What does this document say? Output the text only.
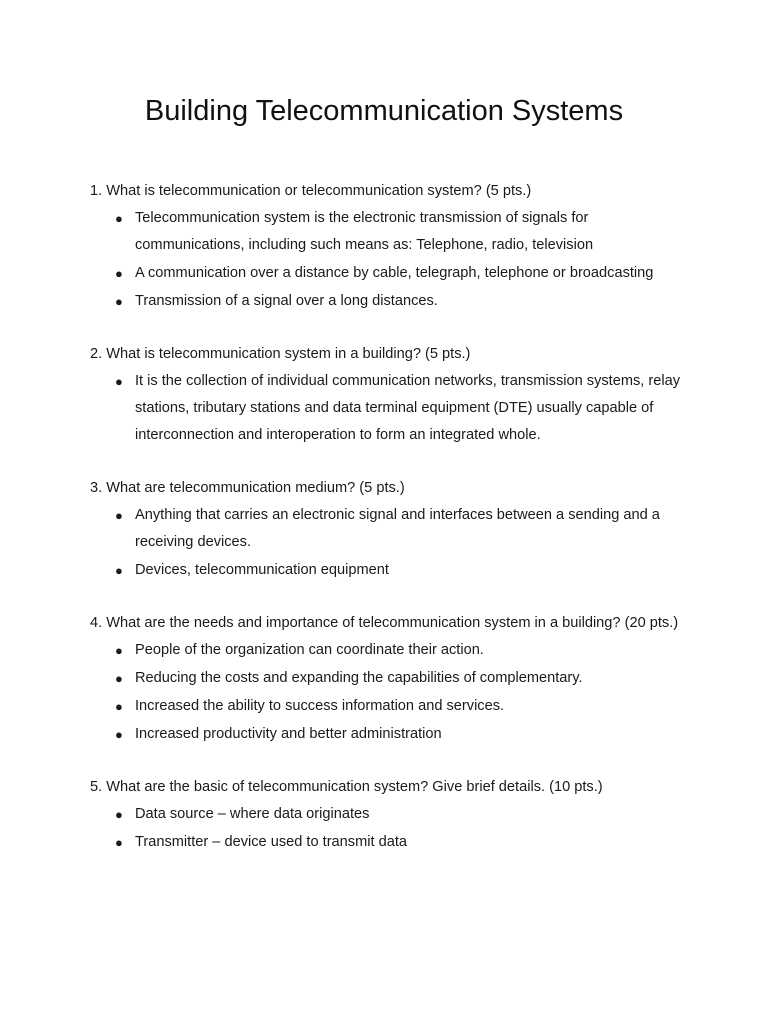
Building Telecommunication Systems

1. What is telecommunication or telecommunication system? (5 pts.)

● Telecommunication system is the electronic transmission of signals for communications, including such means as: Telephone, radio, television
● A communication over a distance by cable, telegraph, telephone or broadcasting
● Transmission of a signal over a long distances.

2. What is telecommunication system in a building? (5 pts.)

● It is the collection of individual communication networks, transmission systems, relay stations, tributary stations and data terminal equipment (DTE) usually capable of interconnection and interoperation to form an integrated whole.

3. What are telecommunication medium? (5 pts.)

● Anything that carries an electronic signal and interfaces between a sending and a receiving devices.
● Devices, telecommunication equipment

4. What are the needs and importance of telecommunication system in a building? (20 pts.)

● People of the organization can coordinate their action.
● Reducing the costs and expanding the capabilities of complementary.
● Increased the ability to success information and services.
● Increased productivity and better administration

5. What are the basic of telecommunication system? Give brief details. (10 pts.)

● Data source – where data originates
● Transmitter – device used to transmit data
